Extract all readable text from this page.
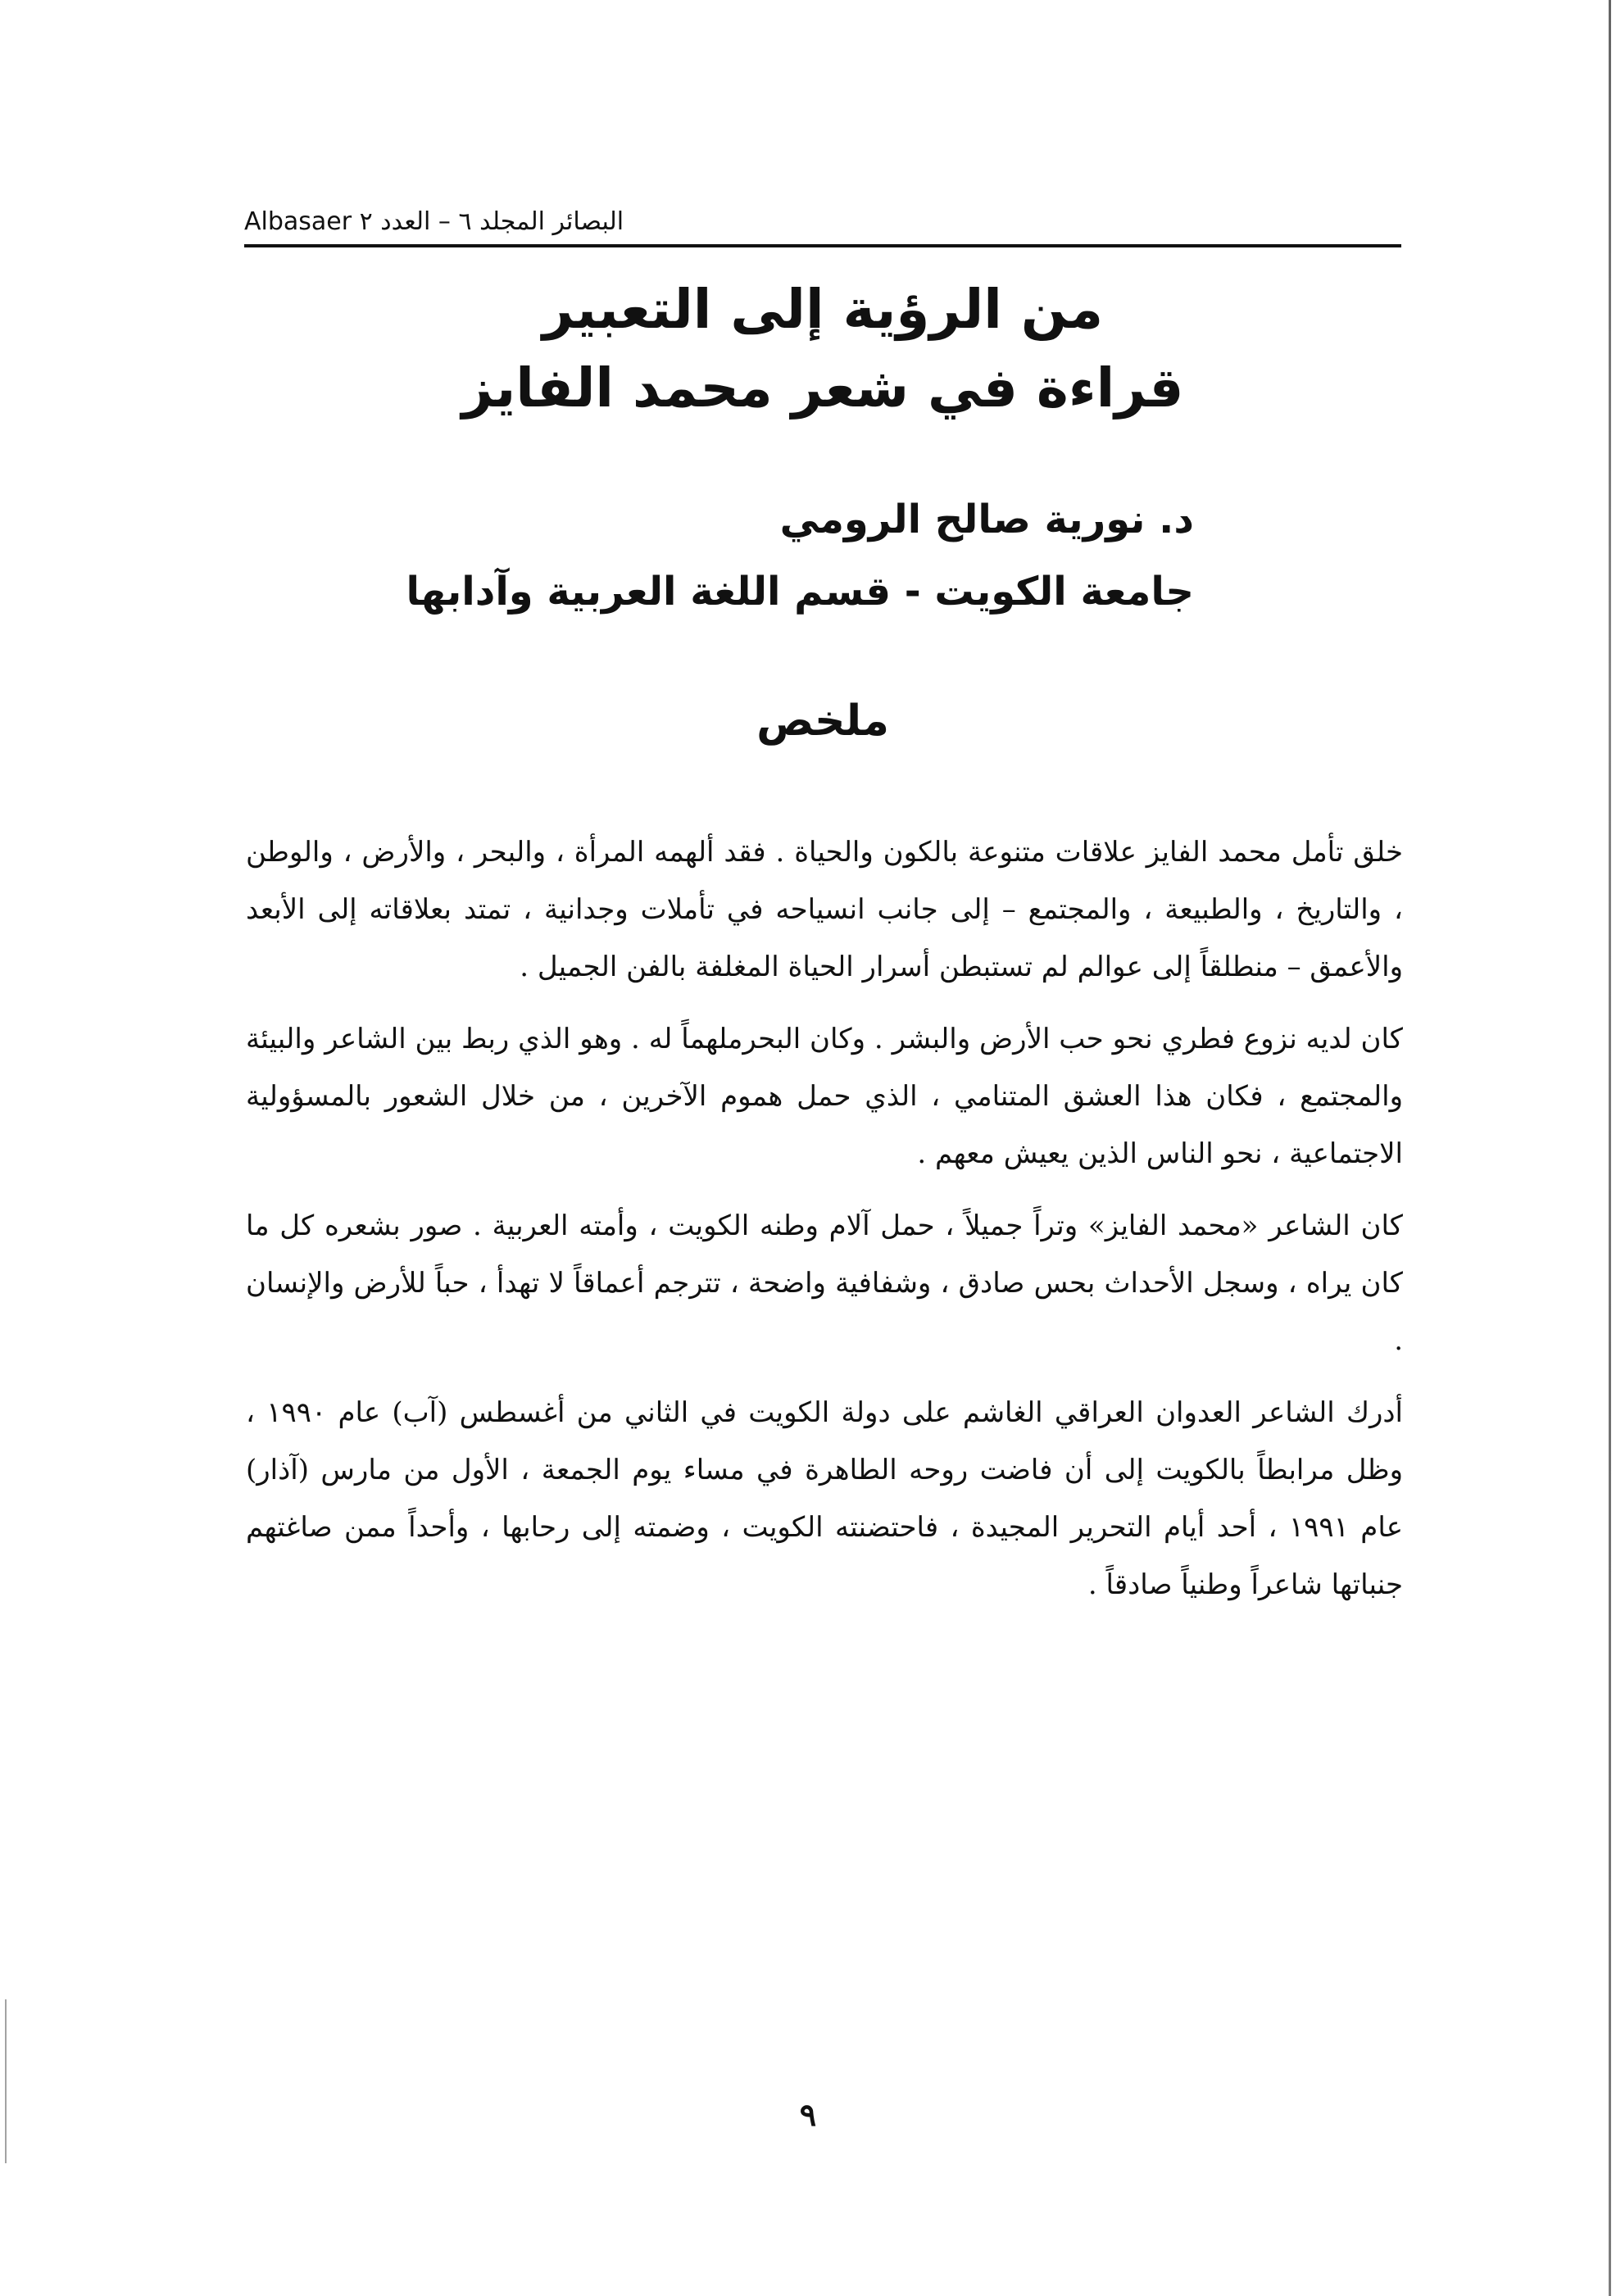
البصائر المجلد ٦ – العدد ٢ Albasaer
من الرؤية إلى التعبير
قراءة في شعر محمد الفايز
د. نورية صالح الرومي
جامعة الكويت - قسم اللغة العربية وآدابها
ملخص

خلق تأمل محمد الفايز علاقات متنوعة بالكون والحياة . فقد ألهمه المرأة ، والبحر ، والأرض ، والوطن ، والتاريخ ، والطبيعة ، والمجتمع – إلى جانب انسياحه في تأملات وجدانية ، تمتد بعلاقاته إلى الأبعد والأعمق – منطلقاً إلى عوالم لم تستبطن أسرار الحياة المغلفة بالفن الجميل .

كان لديه نزوع فطري نحو حب الأرض والبشر . وكان البحرملهماً له . وهو الذي ربط بين الشاعر والبيئة والمجتمع ، فكان هذا العشق المتنامي ، الذي حمل هموم الآخرين ، من خلال الشعور بالمسؤولية الاجتماعية ، نحو الناس الذين يعيش معهم .

كان الشاعر «محمد الفايز» وتراً جميلاً ، حمل آلام وطنه الكويت ، وأمته العربية . صور بشعره كل ما كان يراه ، وسجل الأحداث بحس صادق ، وشفافية واضحة ، تترجم أعماقاً لا تهدأ ، حباً للأرض والإنسان .

أدرك الشاعر العدوان العراقي الغاشم على دولة الكويت في الثاني من أغسطس (آب) عام ١٩٩٠ ، وظل مرابطاً بالكويت إلى أن فاضت روحه الطاهرة في مساء يوم الجمعة ، الأول من مارس (آذار) عام ١٩٩١ ، أحد أيام التحرير المجيدة ، فاحتضنته الكويت ، وضمته إلى رحابها ، وأحداً ممن صاغتهم جنباتها شاعراً وطنياً صادقاً .

٩
